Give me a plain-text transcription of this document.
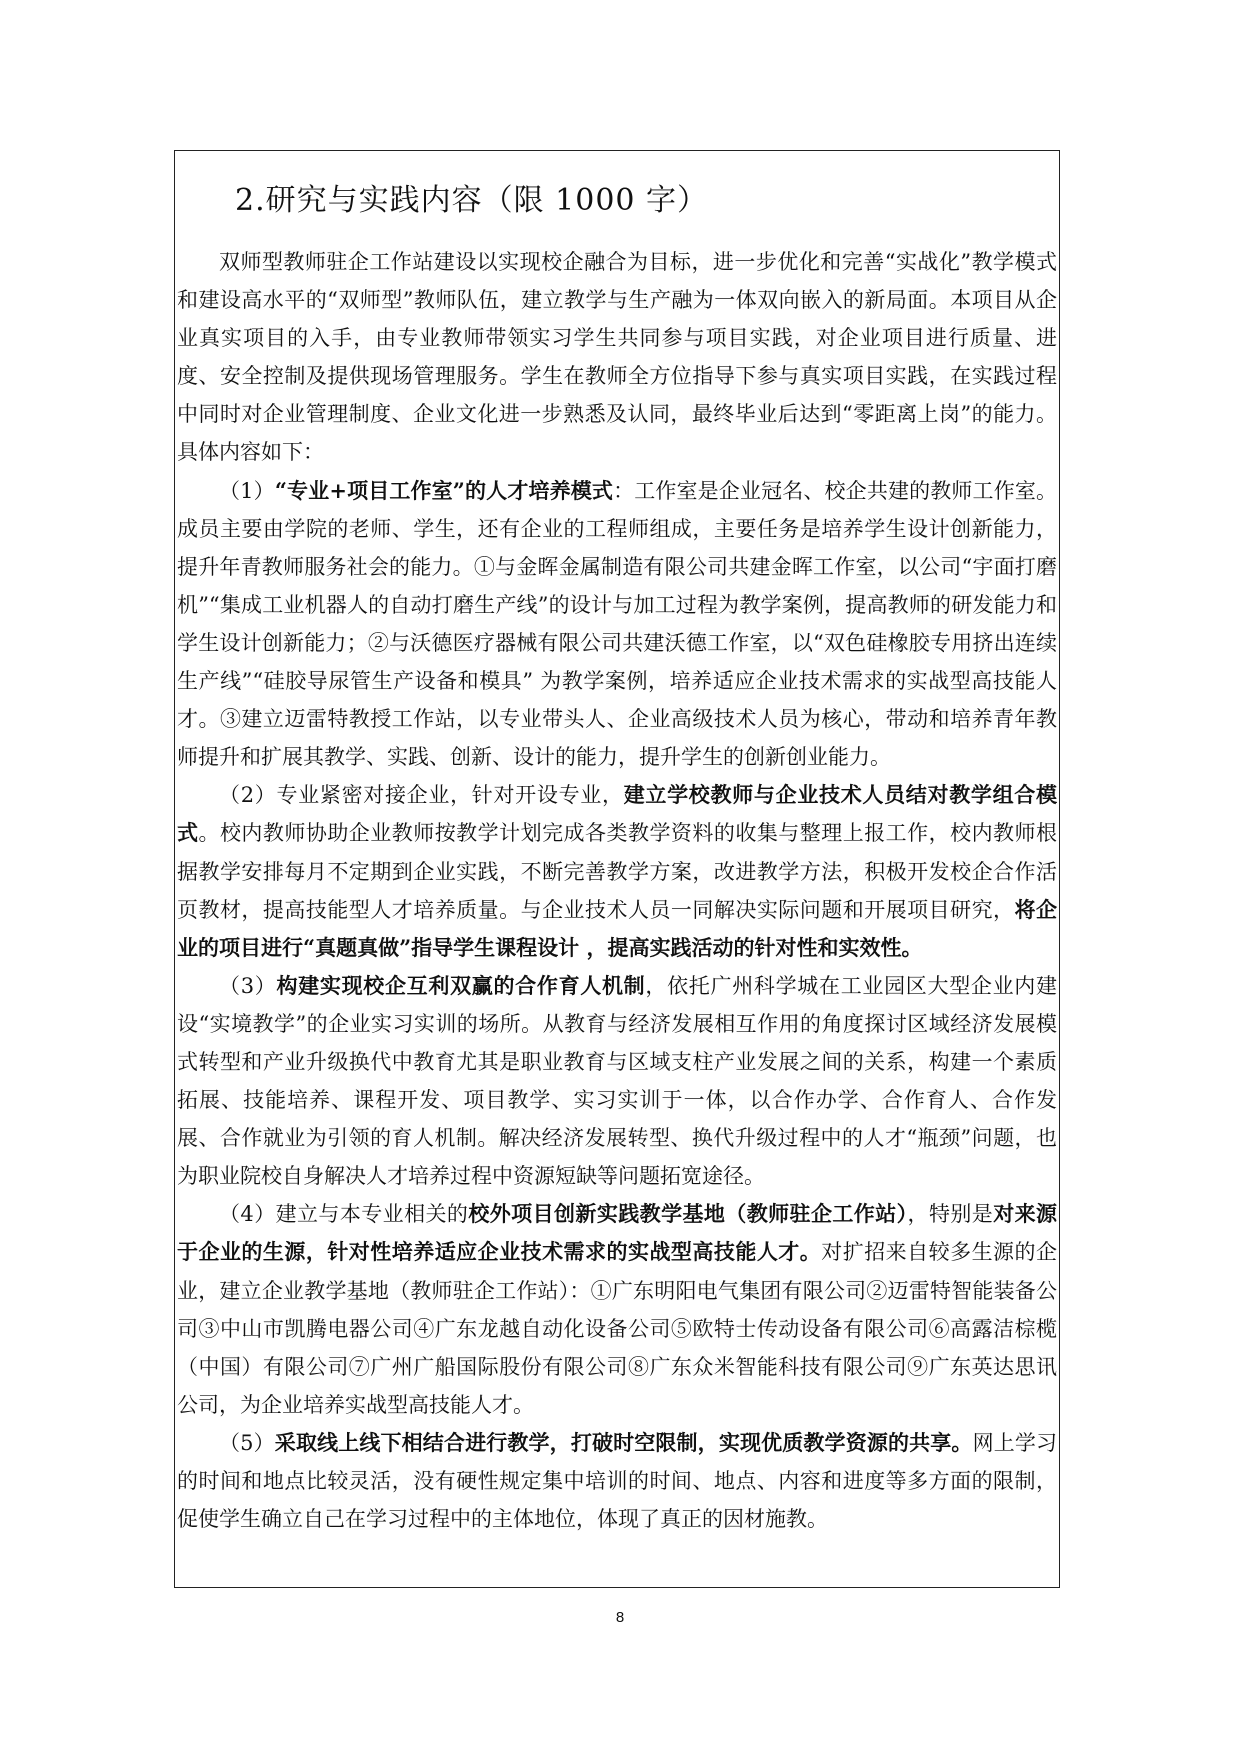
2.研究与实践内容（限 1000 字）

双师型教师驻企工作站建设以实现校企融合为目标，进一步优化和完善“实战化”教学模式和建设高水平的“双师型”教师队伍，建立教学与生产融为一体双向嵌入的新局面。本项目从企业真实项目的入手，由专业教师带领实习学生共同参与项目实践，对企业项目进行质量、进度、安全控制及提供现场管理服务。学生在教师全方位指导下参与真实项目实践，在实践过程中同时对企业管理制度、企业文化进一步熟悉及认同，最终毕业后达到“零距离上岗”的能力。具体内容如下：

（1）“专业+项目工作室”的人才培养模式：工作室是企业冠名、校企共建的教师工作室。成员主要由学院的老师、学生，还有企业的工程师组成，主要任务是培养学生设计创新能力，提升年青教师服务社会的能力。①与金晖金属制造有限公司共建金晖工作室，以公司“宇面打磨机”“集成工业机器人的自动打磨生产线”的设计与加工过程为教学案例，提高教师的研发能力和学生设计创新能力；②与沃德医疗器械有限公司共建沃德工作室，以“双色硅橡胶专用挤出连续生产线”“硅胶导尿管生产设备和模具” 为教学案例，培养适应企业技术需求的实战型高技能人才。③建立迈雷特教授工作站，以专业带头人、企业高级技术人员为核心，带动和培养青年教师提升和扩展其教学、实践、创新、设计的能力，提升学生的创新创业能力。

（2）专业紧密对接企业，针对开设专业，建立学校教师与企业技术人员结对教学组合模式。校内教师协助企业教师按教学计划完成各类教学资料的收集与整理上报工作，校内教师根据教学安排每月不定期到企业实践，不断完善教学方案，改进教学方法，积极开发校企合作活页教材，提高技能型人才培养质量。与企业技术人员一同解决实际问题和开展项目研究，将企业的项目进行“真题真做”指导学生课程设计 ，提高实践活动的针对性和实效性。

（3）构建实现校企互利双赢的合作育人机制，依托广州科学城在工业园区大型企业内建设“实境教学”的企业实习实训的场所。从教育与经济发展相互作用的角度探讨区域经济发展模式转型和产业升级换代中教育尤其是职业教育与区域支柱产业发展之间的关系，构建一个素质拓展、技能培养、课程开发、项目教学、实习实训于一体，以合作办学、合作育人、合作发展、合作就业为引领的育人机制。解决经济发展转型、换代升级过程中的人才“瓶颈”问题，也为职业院校自身解决人才培养过程中资源短缺等问题拓宽途径。

（4）建立与本专业相关的校外项目创新实践教学基地（教师驻企工作站），特别是对来源于企业的生源，针对性培养适应企业技术需求的实战型高技能人才。对扩招来自较多生源的企业，建立企业教学基地（教师驻企工作站）：①广东明阳电气集团有限公司②迈雷特智能装备公司③中山市凯腾电器公司④广东龙越自动化设备公司⑤欧特士传动设备有限公司⑥高露洁棕榄（中国）有限公司⑦广州广船国际股份有限公司⑧广东众米智能科技有限公司⑨广东英达思讯公司，为企业培养实战型高技能人才。

（5）采取线上线下相结合进行教学，打破时空限制，实现优质教学资源的共享。网上学习的时间和地点比较灵活，没有硬性规定集中培训的时间、地点、内容和进度等多方面的限制，促使学生确立自己在学习过程中的主体地位，体现了真正的因材施教。

8
